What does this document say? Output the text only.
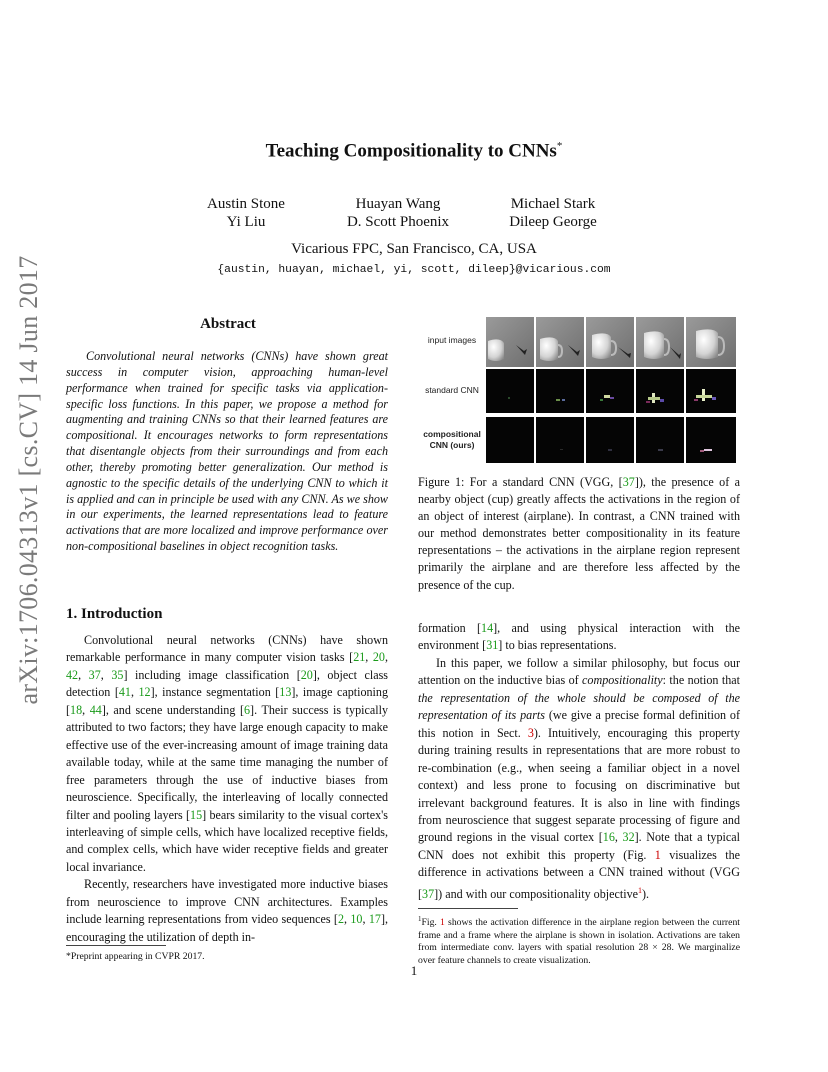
arXiv:1706.04313v1 [cs.CV] 14 Jun 2017
Teaching Compositionality to CNNs*
Austin Stone	Huayan Wang	Michael Stark
Yi Liu	D. Scott Phoenix	Dileep George
Vicarious FPC, San Francisco, CA, USA
{austin, huayan, michael, yi, scott, dileep}@vicarious.com
Abstract

Convolutional neural networks (CNNs) have shown great success in computer vision, approaching human-level performance when trained for specific tasks via application-specific loss functions. In this paper, we propose a method for augmenting and training CNNs so that their learned features are compositional. It encourages networks to form representations that disentangle objects from their surroundings and from each other, thereby promoting better generalization. Our method is agnostic to the specific details of the underlying CNN to which it is applied and can in principle be used with any CNN. As we show in our experiments, the learned representations lead to feature activations that are more localized and improve performance over non-compositional baselines in object recognition tasks.

1. Introduction

Convolutional neural networks (CNNs) have shown remarkable performance in many computer vision tasks [21, 20, 42, 37, 35] including image classification [20], object class detection [41, 12], instance segmentation [13], image captioning [18, 44], and scene understanding [6]. Their success is typically attributed to two factors; they have large enough capacity to make effective use of the ever-increasing amount of image training data available today, while at the same time managing the number of free parameters through the use of inductive biases from neuroscience. Specifically, the interleaving of locally connected filter and pooling layers [15] bears similarity to the visual cortex's interleaving of simple cells, which have localized receptive fields, and complex cells, which have wider receptive fields and greater local invariance.

Recently, researchers have investigated more inductive biases from neuroscience to improve CNN architectures. Examples include learning representations from video sequences [2, 10, 17], encouraging the utilization of depth in-

*Preprint appearing in CVPR 2017.
input images
standard CNN
compositional CNN (ours)

Figure 1: For a standard CNN (VGG, [37]), the presence of a nearby object (cup) greatly affects the activations in the region of an object of interest (airplane). In contrast, a CNN trained with our method demonstrates better compositionality in its feature representations – the activations in the airplane region represent primarily the airplane and are therefore less affected by the presence of the cup.

formation [14], and using physical interaction with the environment [31] to bias representations.

In this paper, we follow a similar philosophy, but focus our attention on the inductive bias of compositionality: the notion that the representation of the whole should be composed of the representation of its parts (we give a precise formal definition of this notion in Sect. 3). Intuitively, encouraging this property during training results in representations that are more robust to re-combination (e.g., when seeing a familiar object in a novel context) and less prone to focusing on discriminative but irrelevant background features. It is also in line with findings from neuroscience that suggest separate processing of figure and ground regions in the visual cortex [16, 32]. Note that a typical CNN does not exhibit this property (Fig. 1 visualizes the difference in activations between a CNN trained without (VGG [37]) and with our compositionality objective$^1$).

$^1$Fig. 1 shows the activation difference in the airplane region between the current frame and a frame where the airplane is shown in isolation. Activations are taken from intermediate conv. layers with spatial resolution 28 × 28. We marginalize over feature channels to create visualization.
1
